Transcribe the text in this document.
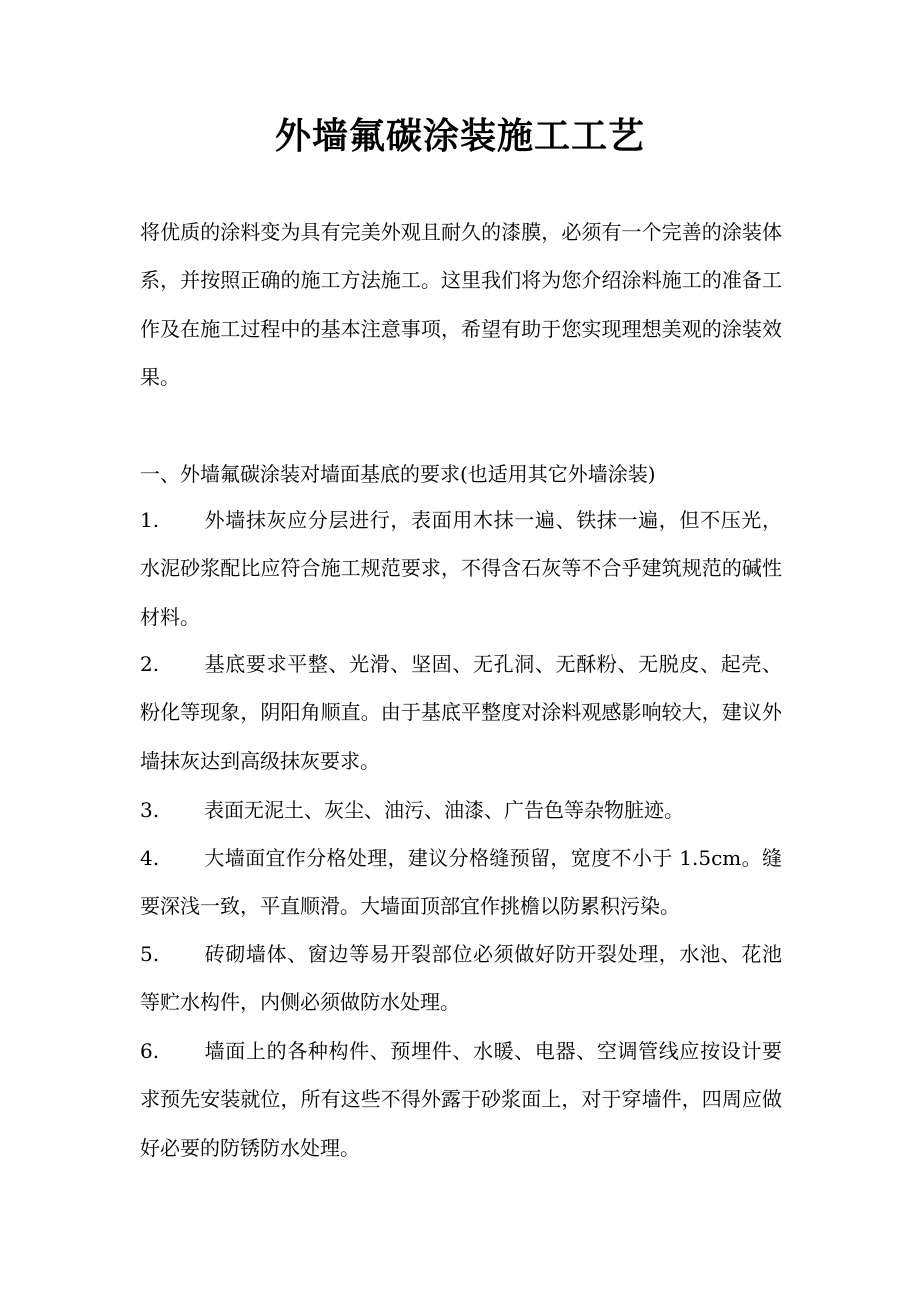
外墙氟碳涂装施工工艺

将优质的涂料变为具有完美外观且耐久的漆膜，必须有一个完善的涂装体系，并按照正确的施工方法施工。这里我们将为您介绍涂料施工的准备工作及在施工过程中的基本注意事项，希望有助于您实现理想美观的涂装效果。

一、外墙氟碳涂装对墙面基底的要求(也适用其它外墙涂装)

1. 外墙抹灰应分层进行，表面用木抹一遍、铁抹一遍，但不压光，水泥砂浆配比应符合施工规范要求，不得含石灰等不合乎建筑规范的碱性材料。

2. 基底要求平整、光滑、坚固、无孔洞、无酥粉、无脱皮、起壳、粉化等现象，阴阳角顺直。由于基底平整度对涂料观感影响较大，建议外墙抹灰达到高级抹灰要求。

3. 表面无泥土、灰尘、油污、油漆、广告色等杂物脏迹。

4. 大墙面宜作分格处理，建议分格缝预留，宽度不小于 1.5cm。缝要深浅一致，平直顺滑。大墙面顶部宜作挑檐以防累积污染。

5. 砖砌墙体、窗边等易开裂部位必须做好防开裂处理，水池、花池等贮水构件，内侧必须做防水处理。

6. 墙面上的各种构件、预埋件、水暖、电器、空调管线应按设计要求预先安装就位，所有这些不得外露于砂浆面上，对于穿墙件，四周应做好必要的防锈防水处理。
